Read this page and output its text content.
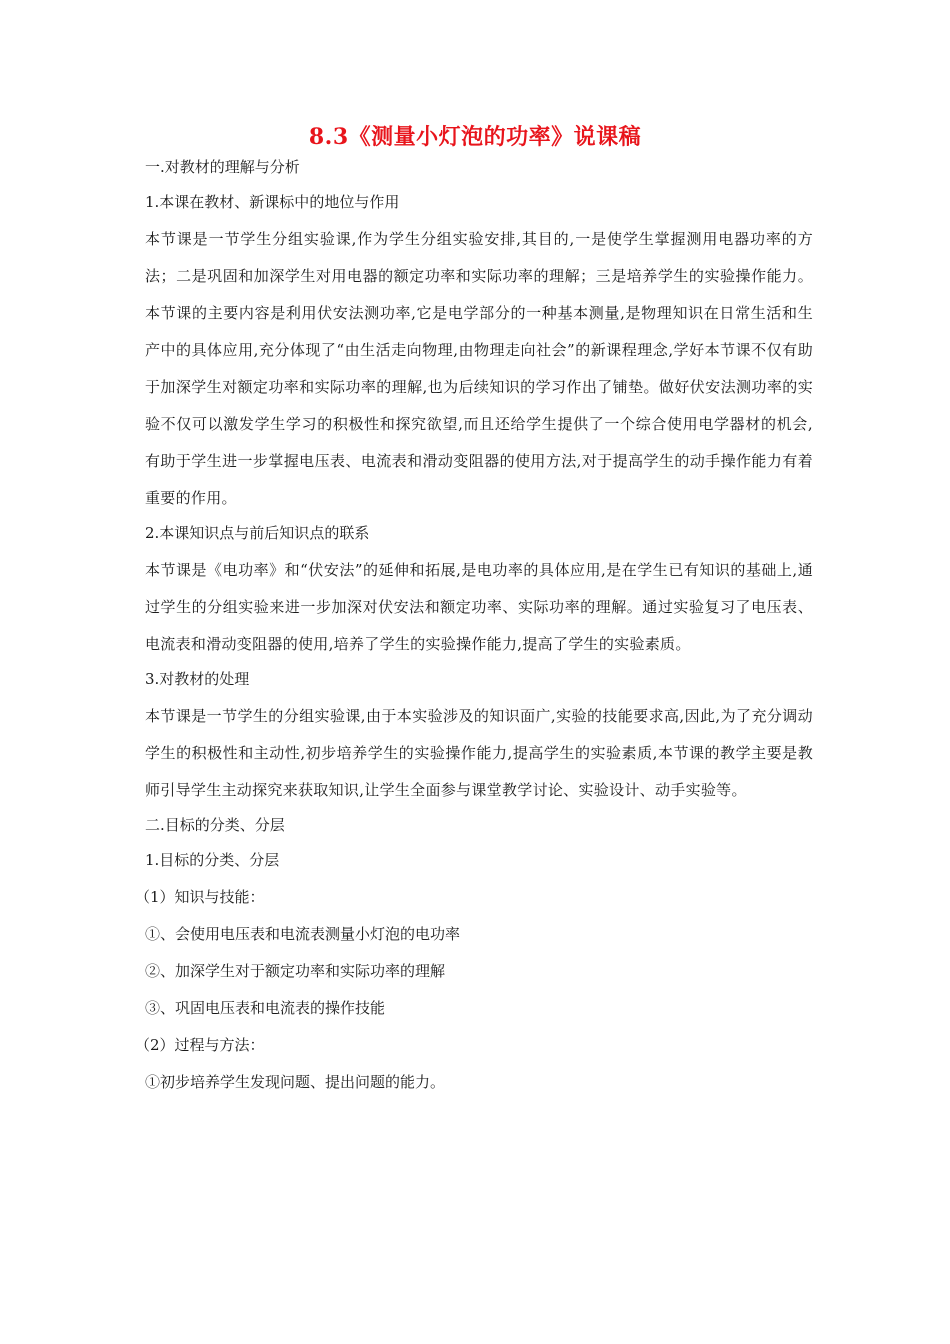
8.3《测量小灯泡的功率》说课稿

一.对教材的理解与分析

1.本课在教材、新课标中的地位与作用

本节课是一节学生分组实验课,作为学生分组实验安排,其目的,一是使学生掌握测用电器功率的方法；二是巩固和加深学生对用电器的额定功率和实际功率的理解；三是培养学生的实验操作能力。本节课的主要内容是利用伏安法测功率,它是电学部分的一种基本测量,是物理知识在日常生活和生产中的具体应用,充分体现了“由生活走向物理,由物理走向社会”的新课程理念,学好本节课不仅有助于加深学生对额定功率和实际功率的理解,也为后续知识的学习作出了铺垫。做好伏安法测功率的实验不仅可以激发学生学习的积极性和探究欲望,而且还给学生提供了一个综合使用电学器材的机会,有助于学生进一步掌握电压表、电流表和滑动变阻器的使用方法,对于提高学生的动手操作能力有着重要的作用。

2.本课知识点与前后知识点的联系

本节课是《电功率》和“伏安法”的延伸和拓展,是电功率的具体应用,是在学生已有知识的基础上,通过学生的分组实验来进一步加深对伏安法和额定功率、实际功率的理解。通过实验复习了电压表、电流表和滑动变阻器的使用,培养了学生的实验操作能力,提高了学生的实验素质。

3.对教材的处理

本节课是一节学生的分组实验课,由于本实验涉及的知识面广,实验的技能要求高,因此,为了充分调动学生的积极性和主动性,初步培养学生的实验操作能力,提高学生的实验素质,本节课的教学主要是教师引导学生主动探究来获取知识,让学生全面参与课堂教学讨论、实验设计、动手实验等。

二.目标的分类、分层

1.目标的分类、分层

（1）知识与技能：

①、会使用电压表和电流表测量小灯泡的电功率

②、加深学生对于额定功率和实际功率的理解

③、巩固电压表和电流表的操作技能

（2）过程与方法：

①初步培养学生发现问题、提出问题的能力。
